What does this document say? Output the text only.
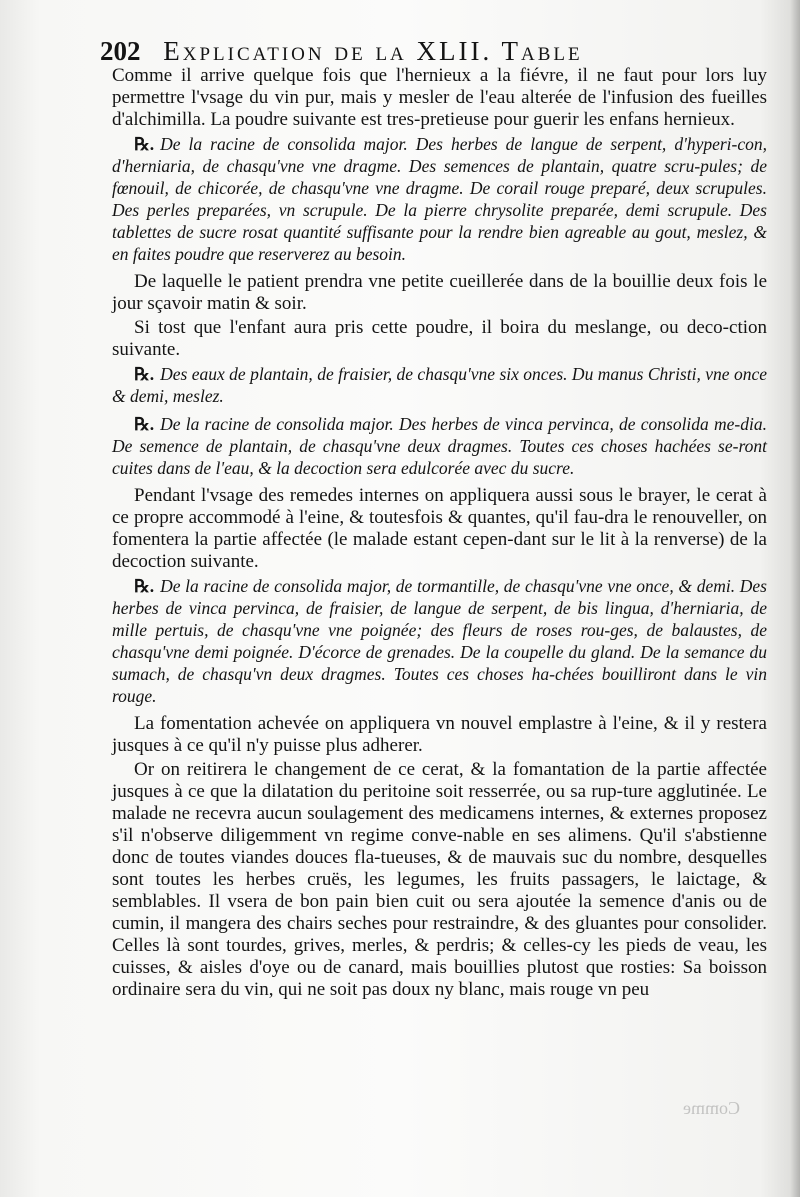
202 Explication de la XLII. Table

Comme il arrive quelque fois que l'hernieux a la fiévre, il ne faut pour lors luy permettre l'vsage du vin pur, mais y mesler de l'eau alterée de l'infusion des fueilles d'alchimilla. La poudre suivante est tres-pretieuse pour guerir les enfans hernieux.

℞. De la racine de consolida major. Des herbes de langue de serpent, d'hyperi-con, d'herniaria, de chasqu'vne vne dragme. Des semences de plantain, quatre scru-pules; de fœnouil, de chicorée, de chasqu'vne vne dragme. De corail rouge preparé, deux scrupules. Des perles preparées, vn scrupule. De la pierre chrysolite preparée, demi scrupule. Des tablettes de sucre rosat quantité suffisante pour la rendre bien agreable au gout, meslez, & en faites poudre que reserverez au besoin.

De laquelle le patient prendra vne petite cueillerée dans de la bouillie deux fois le jour sçavoir matin & soir.

Si tost que l'enfant aura pris cette poudre, il boira du meslange, ou deco-ction suivante.

℞. Des eaux de plantain, de fraisier, de chasqu'vne six onces. Du manus Christi, vne once & demi, meslez.

℞. De la racine de consolida major. Des herbes de vinca pervinca, de consolida me-dia. De semence de plantain, de chasqu'vne deux dragmes. Toutes ces choses hachées se-ront cuites dans de l'eau, & la decoction sera edulcorée avec du sucre.

Pendant l'vsage des remedes internes on appliquera aussi sous le brayer, le cerat à ce propre accommodé à l'eine, & toutesfois & quantes, qu'il fau-dra le renouveller, on fomentera la partie affectée (le malade estant cepen-dant sur le lit à la renverse) de la decoction suivante.

℞. De la racine de consolida major, de tormantille, de chasqu'vne vne once, & demi. Des herbes de vinca pervinca, de fraisier, de langue de serpent, de bis lingua, d'herniaria, de mille pertuis, de chasqu'vne vne poignée; des fleurs de roses rou-ges, de balaustes, de chasqu'vne demi poignée. D'écorce de grenades. De la coupelle du gland. De la semance du sumach, de chasqu'vn deux dragmes. Toutes ces choses ha-chées bouilliront dans le vin rouge.

La fomentation achevée on appliquera vn nouvel emplastre à l'eine, & il y restera jusques à ce qu'il n'y puisse plus adherer.

Or on reitirera le changement de ce cerat, & la fomantation de la partie affectée jusques à ce que la dilatation du peritoine soit resserrée, ou sa rup-ture agglutinée. Le malade ne recevra aucun soulagement des medicamens internes, & externes proposez s'il n'observe diligemment vn regime conve-nable en ses alimens. Qu'il s'abstienne donc de toutes viandes douces fla-tueuses, & de mauvais suc du nombre, desquelles sont toutes les herbes cruës, les legumes, les fruits passagers, le laictage, & semblables. Il vsera de bon pain bien cuit ou sera ajoutée la semence d'anis ou de cumin, il mangera des chairs seches pour restraindre, & des gluantes pour consolider. Celles là sont tourdes, grives, merles, & perdris; & celles-cy les pieds de veau, les cuisses, & aisles d'oye ou de canard, mais bouillies plutost que rosties: Sa boisson ordinaire sera du vin, qui ne soit pas doux ny blanc, mais rouge vn peu

Comme
